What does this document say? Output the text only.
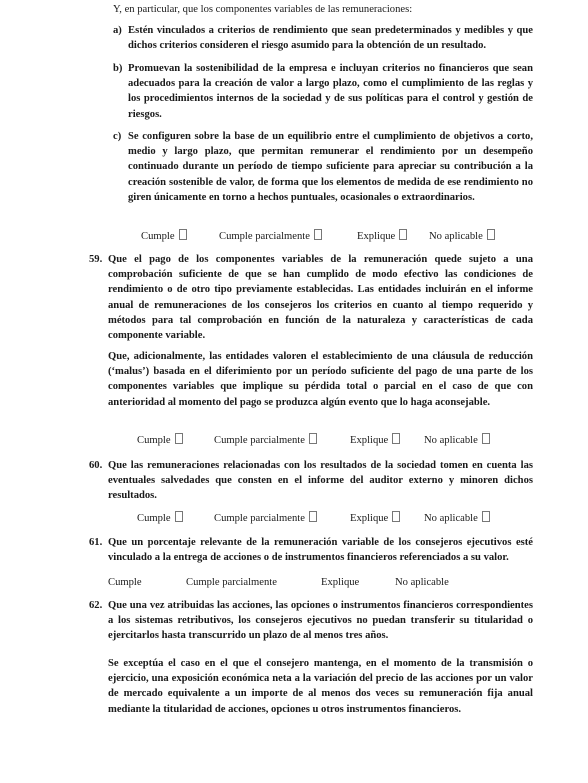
Y, en particular, que los componentes variables de las remuneraciones:
a) Estén vinculados a criterios de rendimiento que sean predeterminados y medibles y que dichos criterios consideren el riesgo asumido para la obtención de un resultado.
b) Promuevan la sostenibilidad de la empresa e incluyan criterios no financieros que sean adecuados para la creación de valor a largo plazo, como el cumplimiento de las reglas y los procedimientos internos de la sociedad y de sus políticas para el control y gestión de riesgos.
c) Se configuren sobre la base de un equilibrio entre el cumplimiento de objetivos a corto, medio y largo plazo, que permitan remunerar el rendimiento por un desempeño continuado durante un período de tiempo suficiente para apreciar su contribución a la creación sostenible de valor, de forma que los elementos de medida de ese rendimiento no giren únicamente en torno a hechos puntuales, ocasionales o extraordinarios.
Cumple	Cumple parcialmente	Explique	No aplicable
59. Que el pago de los componentes variables de la remuneración quede sujeto a una comprobación suficiente de que se han cumplido de modo efectivo las condiciones de rendimiento o de otro tipo previamente establecidas. Las entidades incluirán en el informe anual de remuneraciones de los consejeros los criterios en cuanto al tiempo requerido y métodos para tal comprobación en función de la naturaleza y características de cada componente variable.
Que, adicionalmente, las entidades valoren el establecimiento de una cláusula de reducción (‘malus’) basada en el diferimiento por un período suficiente del pago de una parte de los componentes variables que implique su pérdida total o parcial en el caso de que con anterioridad al momento del pago se produzca algún evento que lo haga aconsejable.
Cumple	Cumple parcialmente	Explique	No aplicable
60. Que las remuneraciones relacionadas con los resultados de la sociedad tomen en cuenta las eventuales salvedades que consten en el informe del auditor externo y minoren dichos resultados.
Cumple	Cumple parcialmente	Explique	No aplicable
61. Que un porcentaje relevante de la remuneración variable de los consejeros ejecutivos esté vinculado a la entrega de acciones o de instrumentos financieros referenciados a su valor.
Cumple	Cumple parcialmente	Explique	No aplicable
62. Que una vez atribuidas las acciones, las opciones o instrumentos financieros correspondientes a los sistemas retributivos, los consejeros ejecutivos no puedan transferir su titularidad o ejercitarlos hasta transcurrido un plazo de al menos tres años.
Se exceptúa el caso en el que el consejero mantenga, en el momento de la transmisión o ejercicio, una exposición económica neta a la variación del precio de las acciones por un valor de mercado equivalente a un importe de al menos dos veces su remuneración fija anual mediante la titularidad de acciones, opciones u otros instrumentos financieros.
